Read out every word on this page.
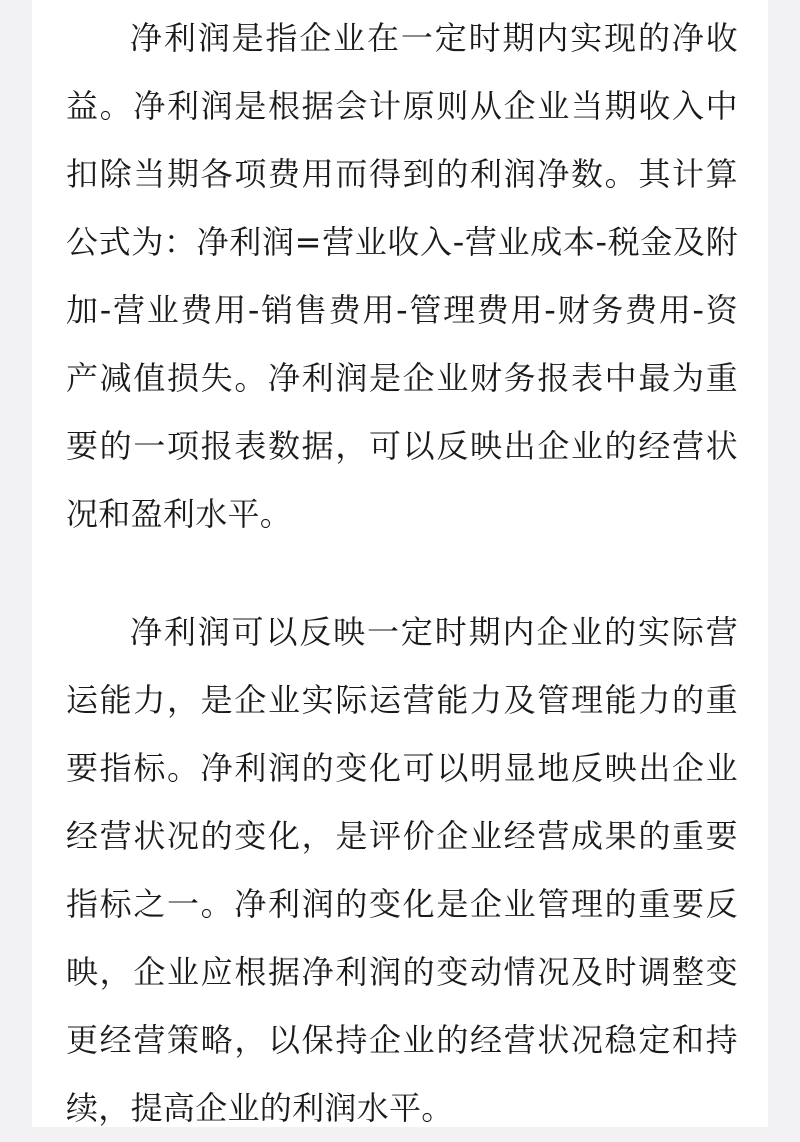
净利润是指企业在一定时期内实现的净收益。净利润是根据会计原则从企业当期收入中扣除当期各项费用而得到的利润净数。其计算公式为：净利润=营业收入-营业成本-税金及附加-营业费用-销售费用-管理费用-财务费用-资产减值损失。净利润是企业财务报表中最为重要的一项报表数据，可以反映出企业的经营状况和盈利水平。

净利润可以反映一定时期内企业的实际营运能力，是企业实际运营能力及管理能力的重要指标。净利润的变化可以明显地反映出企业经营状况的变化，是评价企业经营成果的重要指标之一。净利润的变化是企业管理的重要反映，企业应根据净利润的变动情况及时调整变更经营策略，以保持企业的经营状况稳定和持续，提高企业的利润水平。
